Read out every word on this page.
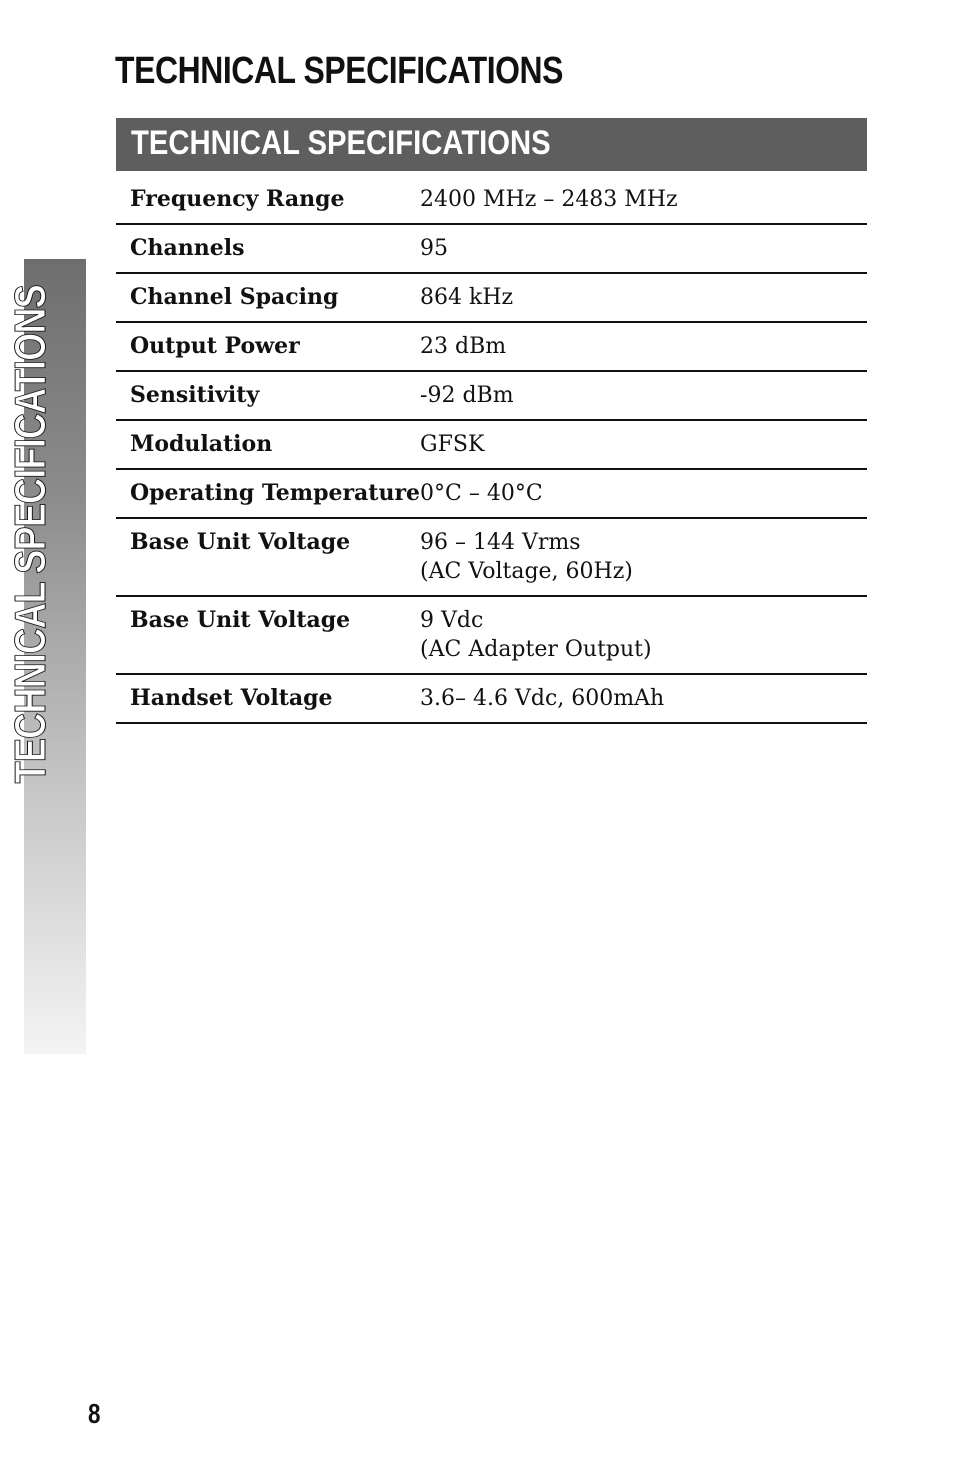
TECHNICAL SPECIFICATIONS
TECHNICAL SPECIFICATIONS
TECHNICAL SPECIFICATIONS
Frequency Range	2400 MHz – 2483 MHz

Channels	95

Channel Spacing	864 kHz

Output Power	23 dBm

Sensitivity	-92 dBm

Modulation	GFSK

Operating Temperature	0°C – 40°C

Base Unit Voltage	96 – 144 Vrms
(AC Voltage, 60Hz)

Base Unit Voltage	9 Vdc
(AC Adapter Output)

Handset Voltage	3.6– 4.6 Vdc, 600mAh
8
